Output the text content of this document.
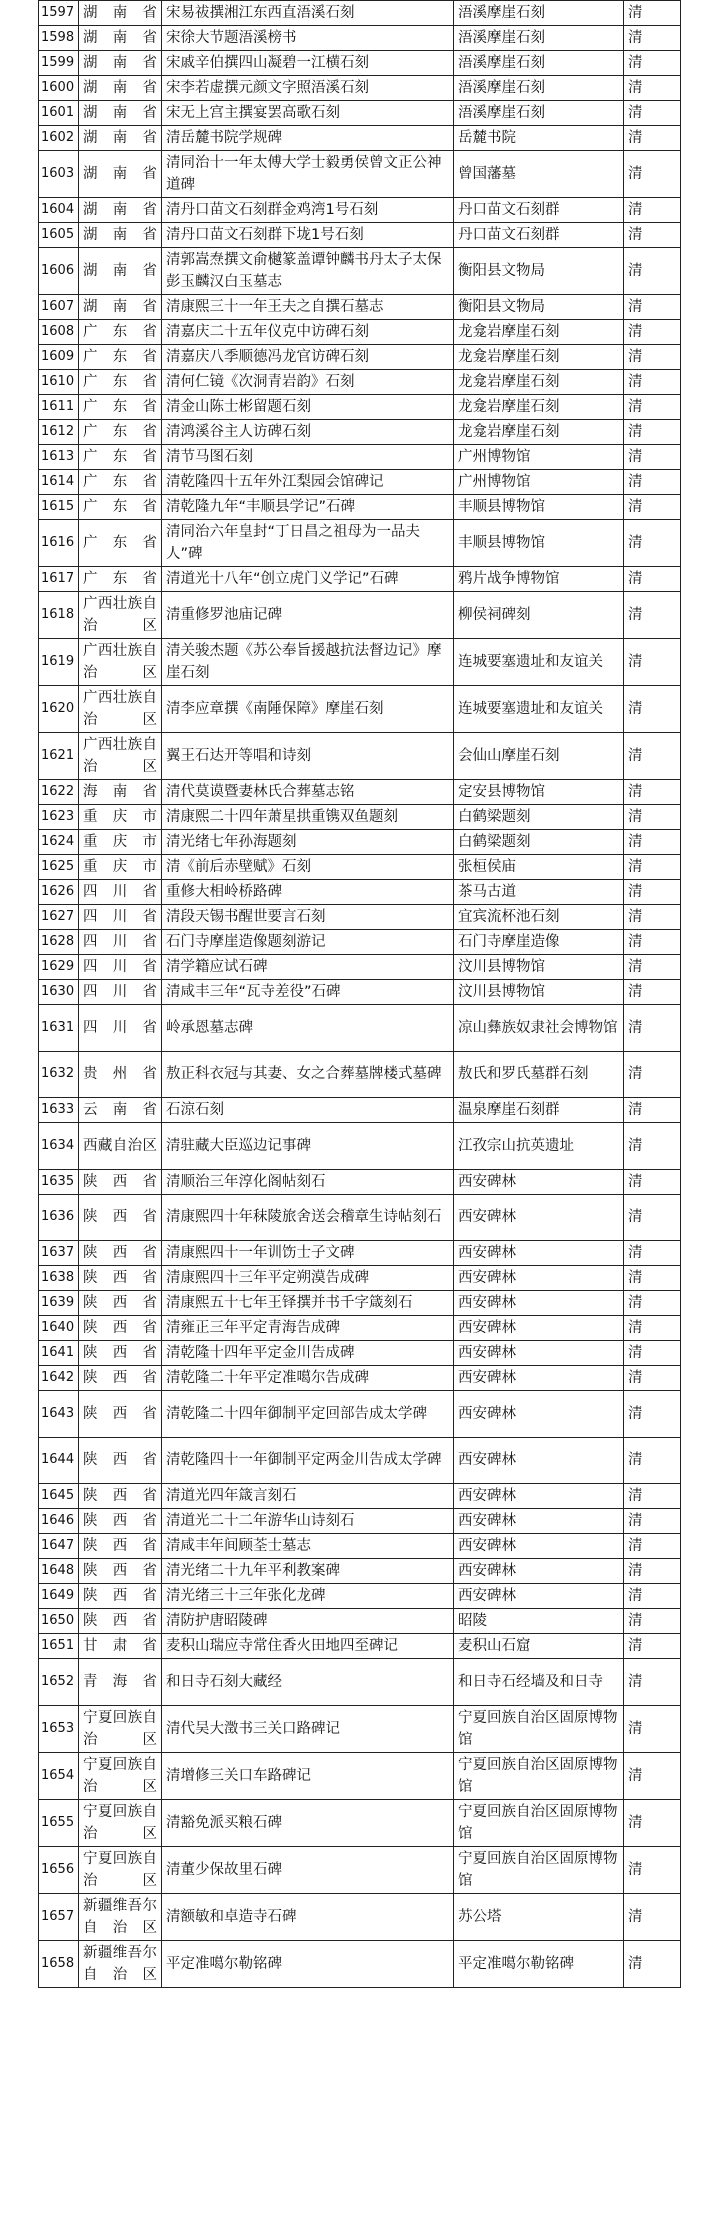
1597	湖南省	宋易祓撰湘江东西直浯溪石刻	浯溪摩崖石刻	清
1598	湖南省	宋徐大节题浯溪榜书	浯溪摩崖石刻	清
1599	湖南省	宋戚辛伯撰四山凝碧一江横石刻	浯溪摩崖石刻	清
1600	湖南省	宋李若虚撰元颜文字照浯溪石刻	浯溪摩崖石刻	清
1601	湖南省	宋无上宫主撰宴罢高歌石刻	浯溪摩崖石刻	清
1602	湖南省	清岳麓书院学规碑	岳麓书院	清
1603	湖南省	清同治十一年太傅大学士毅勇侯曾文正公神道碑	曾国藩墓	清
1604	湖南省	清丹口苗文石刻群金鸡湾1号石刻	丹口苗文石刻群	清
1605	湖南省	清丹口苗文石刻群下垅1号石刻	丹口苗文石刻群	清
1606	湖南省	清郭嵩焘撰文俞樾篆盖谭钟麟书丹太子太保彭玉麟汉白玉墓志	衡阳县文物局	清
1607	湖南省	清康熙三十一年王夫之自撰石墓志	衡阳县文物局	清
1608	广东省	清嘉庆二十五年仪克中访碑石刻	龙龛岩摩崖石刻	清
1609	广东省	清嘉庆八季顺德冯龙官访碑石刻	龙龛岩摩崖石刻	清
1610	广东省	清何仁镜《次洞青岩韵》石刻	龙龛岩摩崖石刻	清
1611	广东省	清金山陈士彬留题石刻	龙龛岩摩崖石刻	清
1612	广东省	清鸿溪谷主人访碑石刻	龙龛岩摩崖石刻	清
1613	广东省	清节马图石刻	广州博物馆	清
1614	广东省	清乾隆四十五年外江梨园会馆碑记	广州博物馆	清
1615	广东省	清乾隆九年“丰顺县学记”石碑	丰顺县博物馆	清
1616	广东省	清同治六年皇封“丁日昌之祖母为一品夫人”碑	丰顺县博物馆	清
1617	广东省	清道光十八年“创立虎门义学记”石碑	鸦片战争博物馆	清
1618	广西壮族自治区	清重修罗池庙记碑	柳侯祠碑刻	清
1619	广西壮族自治区	清关骏杰题《苏公奉旨援越抗法督边记》摩崖石刻	连城要塞遗址和友谊关	清
1620	广西壮族自治区	清李应章撰《南陲保障》摩崖石刻	连城要塞遗址和友谊关	清
1621	广西壮族自治区	翼王石达开等唱和诗刻	会仙山摩崖石刻	清
1622	海南省	清代莫谟暨妻林氏合葬墓志铭	定安县博物馆	清
1623	重庆市	清康熙二十四年萧星拱重镌双鱼题刻	白鹤梁题刻	清
1624	重庆市	清光绪七年孙海题刻	白鹤梁题刻	清
1625	重庆市	清《前后赤壁赋》石刻	张桓侯庙	清
1626	四川省	重修大相岭桥路碑	茶马古道	清
1627	四川省	清段天锡书醒世要言石刻	宜宾流杯池石刻	清
1628	四川省	石门寺摩崖造像题刻游记	石门寺摩崖造像	清
1629	四川省	清学籍应试石碑	汶川县博物馆	清
1630	四川省	清咸丰三年“瓦寺差役”石碑	汶川县博物馆	清
1631	四川省	岭承恩墓志碑	凉山彝族奴隶社会博物馆	清
1632	贵州省	敖正科衣冠与其妻、女之合葬墓牌楼式墓碑	敖氏和罗氏墓群石刻	清
1633	云南省	石涼石刻	温泉摩崖石刻群	清
1634	西藏自治区	清驻藏大臣巡边记事碑	江孜宗山抗英遗址	清
1635	陕西省	清顺治三年淳化阁帖刻石	西安碑林	清
1636	陕西省	清康熙四十年秣陵旅舍送会稽章生诗帖刻石	西安碑林	清
1637	陕西省	清康熙四十一年训饬士子文碑	西安碑林	清
1638	陕西省	清康熙四十三年平定朔漠告成碑	西安碑林	清
1639	陕西省	清康熙五十七年王铎撰并书千字箴刻石	西安碑林	清
1640	陕西省	清雍正三年平定青海告成碑	西安碑林	清
1641	陕西省	清乾隆十四年平定金川告成碑	西安碑林	清
1642	陕西省	清乾隆二十年平定准噶尔告成碑	西安碑林	清
1643	陕西省	清乾隆二十四年御制平定回部告成太学碑	西安碑林	清
1644	陕西省	清乾隆四十一年御制平定两金川告成太学碑	西安碑林	清
1645	陕西省	清道光四年箴言刻石	西安碑林	清
1646	陕西省	清道光二十二年游华山诗刻石	西安碑林	清
1647	陕西省	清咸丰年间顾荃士墓志	西安碑林	清
1648	陕西省	清光绪二十九年平利教案碑	西安碑林	清
1649	陕西省	清光绪三十三年张化龙碑	西安碑林	清
1650	陕西省	清防护唐昭陵碑	昭陵	清
1651	甘肃省	麦积山瑞应寺常住香火田地四至碑记	麦积山石窟	清
1652	青海省	和日寺石刻大藏经	和日寺石经墙及和日寺	清
1653	宁夏回族自治区	清代吴大澂书三关口路碑记	宁夏回族自治区固原博物馆	清
1654	宁夏回族自治区	清增修三关口车路碑记	宁夏回族自治区固原博物馆	清
1655	宁夏回族自治区	清豁免派买粮石碑	宁夏回族自治区固原博物馆	清
1656	宁夏回族自治区	清董少保故里石碑	宁夏回族自治区固原博物馆	清
1657	新疆维吾尔自治区	清额敏和卓造寺石碑	苏公塔	清
1658	新疆维吾尔自治区	平定准噶尔勒铭碑	平定准噶尔勒铭碑	清
